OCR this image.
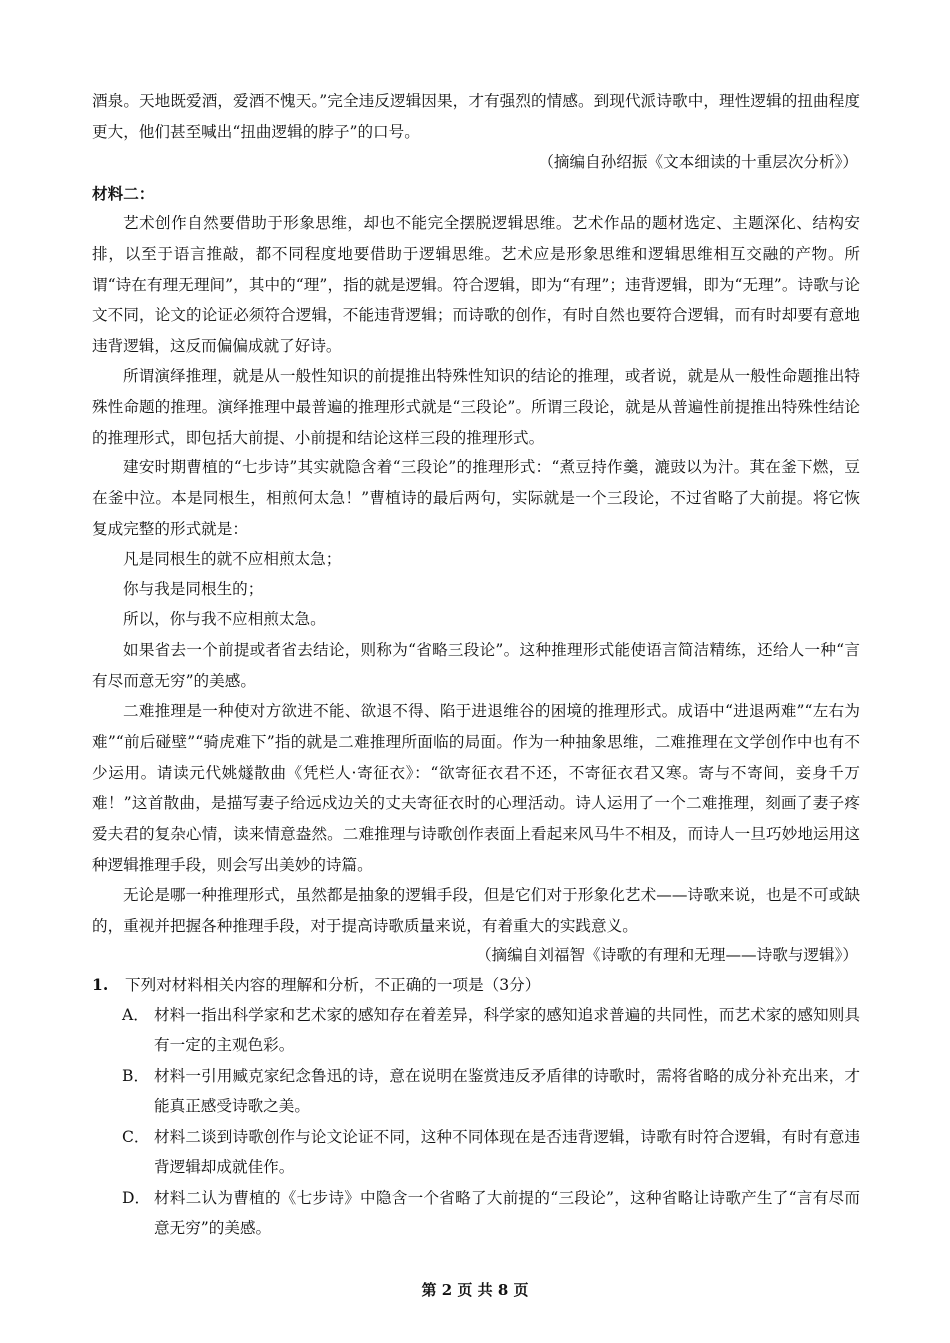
酒泉。天地既爱酒，爱酒不愧天。”完全违反逻辑因果，才有强烈的情感。到现代派诗歌中，理性逻辑的扭曲程度更大，他们甚至喊出“扭曲逻辑的脖子”的口号。

（摘编自孙绍振《文本细读的十重层次分析》）

材料二：

艺术创作自然要借助于形象思维，却也不能完全摆脱逻辑思维。艺术作品的题材选定、主题深化、结构安排，以至于语言推敲，都不同程度地要借助于逻辑思维。艺术应是形象思维和逻辑思维相互交融的产物。所谓“诗在有理无理间”，其中的“理”，指的就是逻辑。符合逻辑，即为“有理”；违背逻辑，即为“无理”。诗歌与论文不同，论文的论证必须符合逻辑，不能违背逻辑；而诗歌的创作，有时自然也要符合逻辑，而有时却要有意地违背逻辑，这反而偏偏成就了好诗。

所谓演绎推理，就是从一般性知识的前提推出特殊性知识的结论的推理，或者说，就是从一般性命题推出特殊性命题的推理。演绎推理中最普遍的推理形式就是“三段论”。所谓三段论，就是从普遍性前提推出特殊性结论的推理形式，即包括大前提、小前提和结论这样三段的推理形式。

建安时期曹植的“七步诗”其实就隐含着“三段论”的推理形式：“煮豆持作羹，漉豉以为汁。萁在釜下燃，豆在釜中泣。本是同根生，相煎何太急！”曹植诗的最后两句，实际就是一个三段论，不过省略了大前提。将它恢复成完整的形式就是：

凡是同根生的就不应相煎太急；

你与我是同根生的；

所以，你与我不应相煎太急。

如果省去一个前提或者省去结论，则称为“省略三段论”。这种推理形式能使语言简洁精练，还给人一种“言有尽而意无穷”的美感。

二难推理是一种使对方欲进不能、欲退不得、陷于进退维谷的困境的推理形式。成语中“进退两难”“左右为难”“前后碰壁”“骑虎难下”指的就是二难推理所面临的局面。作为一种抽象思维，二难推理在文学创作中也有不少运用。请读元代姚燧散曲《凭栏人·寄征衣》：“欲寄征衣君不还，不寄征衣君又寒。寄与不寄间，妾身千万难！”这首散曲，是描写妻子给远戍边关的丈夫寄征衣时的心理活动。诗人运用了一个二难推理，刻画了妻子疼爱夫君的复杂心情，读来情意盎然。二难推理与诗歌创作表面上看起来风马牛不相及，而诗人一旦巧妙地运用这种逻辑推理手段，则会写出美妙的诗篇。

无论是哪一种推理形式，虽然都是抽象的逻辑手段，但是它们对于形象化艺术——诗歌来说，也是不可或缺的，重视并把握各种推理手段，对于提高诗歌质量来说，有着重大的实践意义。

（摘编自刘福智《诗歌的有理和无理——诗歌与逻辑》）

1. 下列对材料相关内容的理解和分析，不正确的一项是（3分）

A． 材料一指出科学家和艺术家的感知存在着差异，科学家的感知追求普遍的共同性，而艺术家的感知则具有一定的主观色彩。
B． 材料一引用臧克家纪念鲁迅的诗，意在说明在鉴赏违反矛盾律的诗歌时，需将省略的成分补充出来，才能真正感受诗歌之美。
C． 材料二谈到诗歌创作与论文论证不同，这种不同体现在是否违背逻辑，诗歌有时符合逻辑，有时有意违背逻辑却成就佳作。
D． 材料二认为曹植的《七步诗》中隐含一个省略了大前提的“三段论”，这种省略让诗歌产生了“言有尽而意无穷”的美感。
第 2 页 共 8 页
